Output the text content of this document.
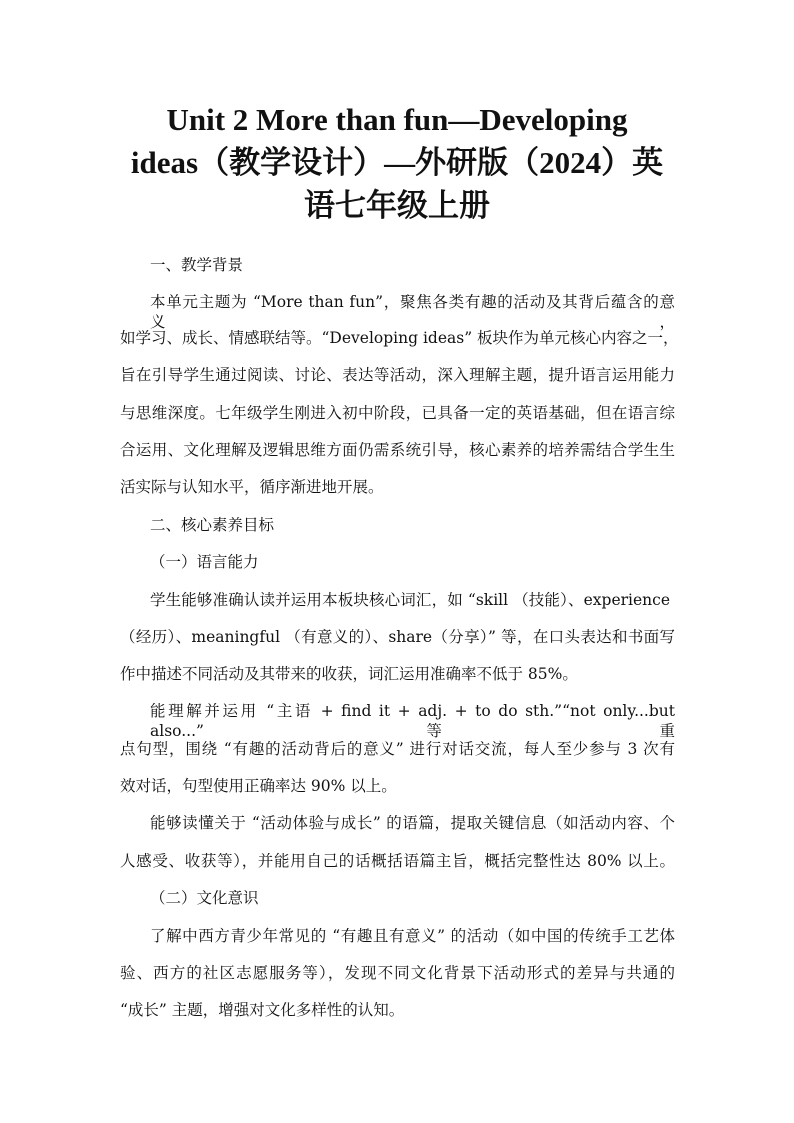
Unit 2 More than fun—Developing
ideas（教学设计）—外研版（2024）英
语七年级上册

一、教学背景

本单元主题为 “More than fun”，聚焦各类有趣的活动及其背后蕴含的意义，

如学习、成长、情感联结等。“Developing ideas” 板块作为单元核心内容之一，

旨在引导学生通过阅读、讨论、表达等活动，深入理解主题，提升语言运用能力

与思维深度。七年级学生刚进入初中阶段，已具备一定的英语基础，但在语言综

合运用、文化理解及逻辑思维方面仍需系统引导，核心素养的培养需结合学生生

活实际与认知水平，循序渐进地开展。

二、核心素养目标

（一）语言能力

学生能够准确认读并运用本板块核心词汇，如 “skill （技能）、experience

（经历）、meaningful （有意义的）、share（分享）” 等，在口头表达和书面写

作中描述不同活动及其带来的收获，词汇运用准确率不低于 85%。

能理解并运用 “主语 + find it + adj. + to do sth.”“not only...but also...” 等重

点句型，围绕 “有趣的活动背后的意义” 进行对话交流，每人至少参与 3 次有

效对话，句型使用正确率达 90% 以上。

能够读懂关于 “活动体验与成长” 的语篇，提取关键信息（如活动内容、个

人感受、收获等），并能用自己的话概括语篇主旨，概括完整性达 80% 以上。

（二）文化意识

了解中西方青少年常见的 “有趣且有意义” 的活动（如中国的传统手工艺体

验、西方的社区志愿服务等），发现不同文化背景下活动形式的差异与共通的

“成长” 主题，增强对文化多样性的认知。
